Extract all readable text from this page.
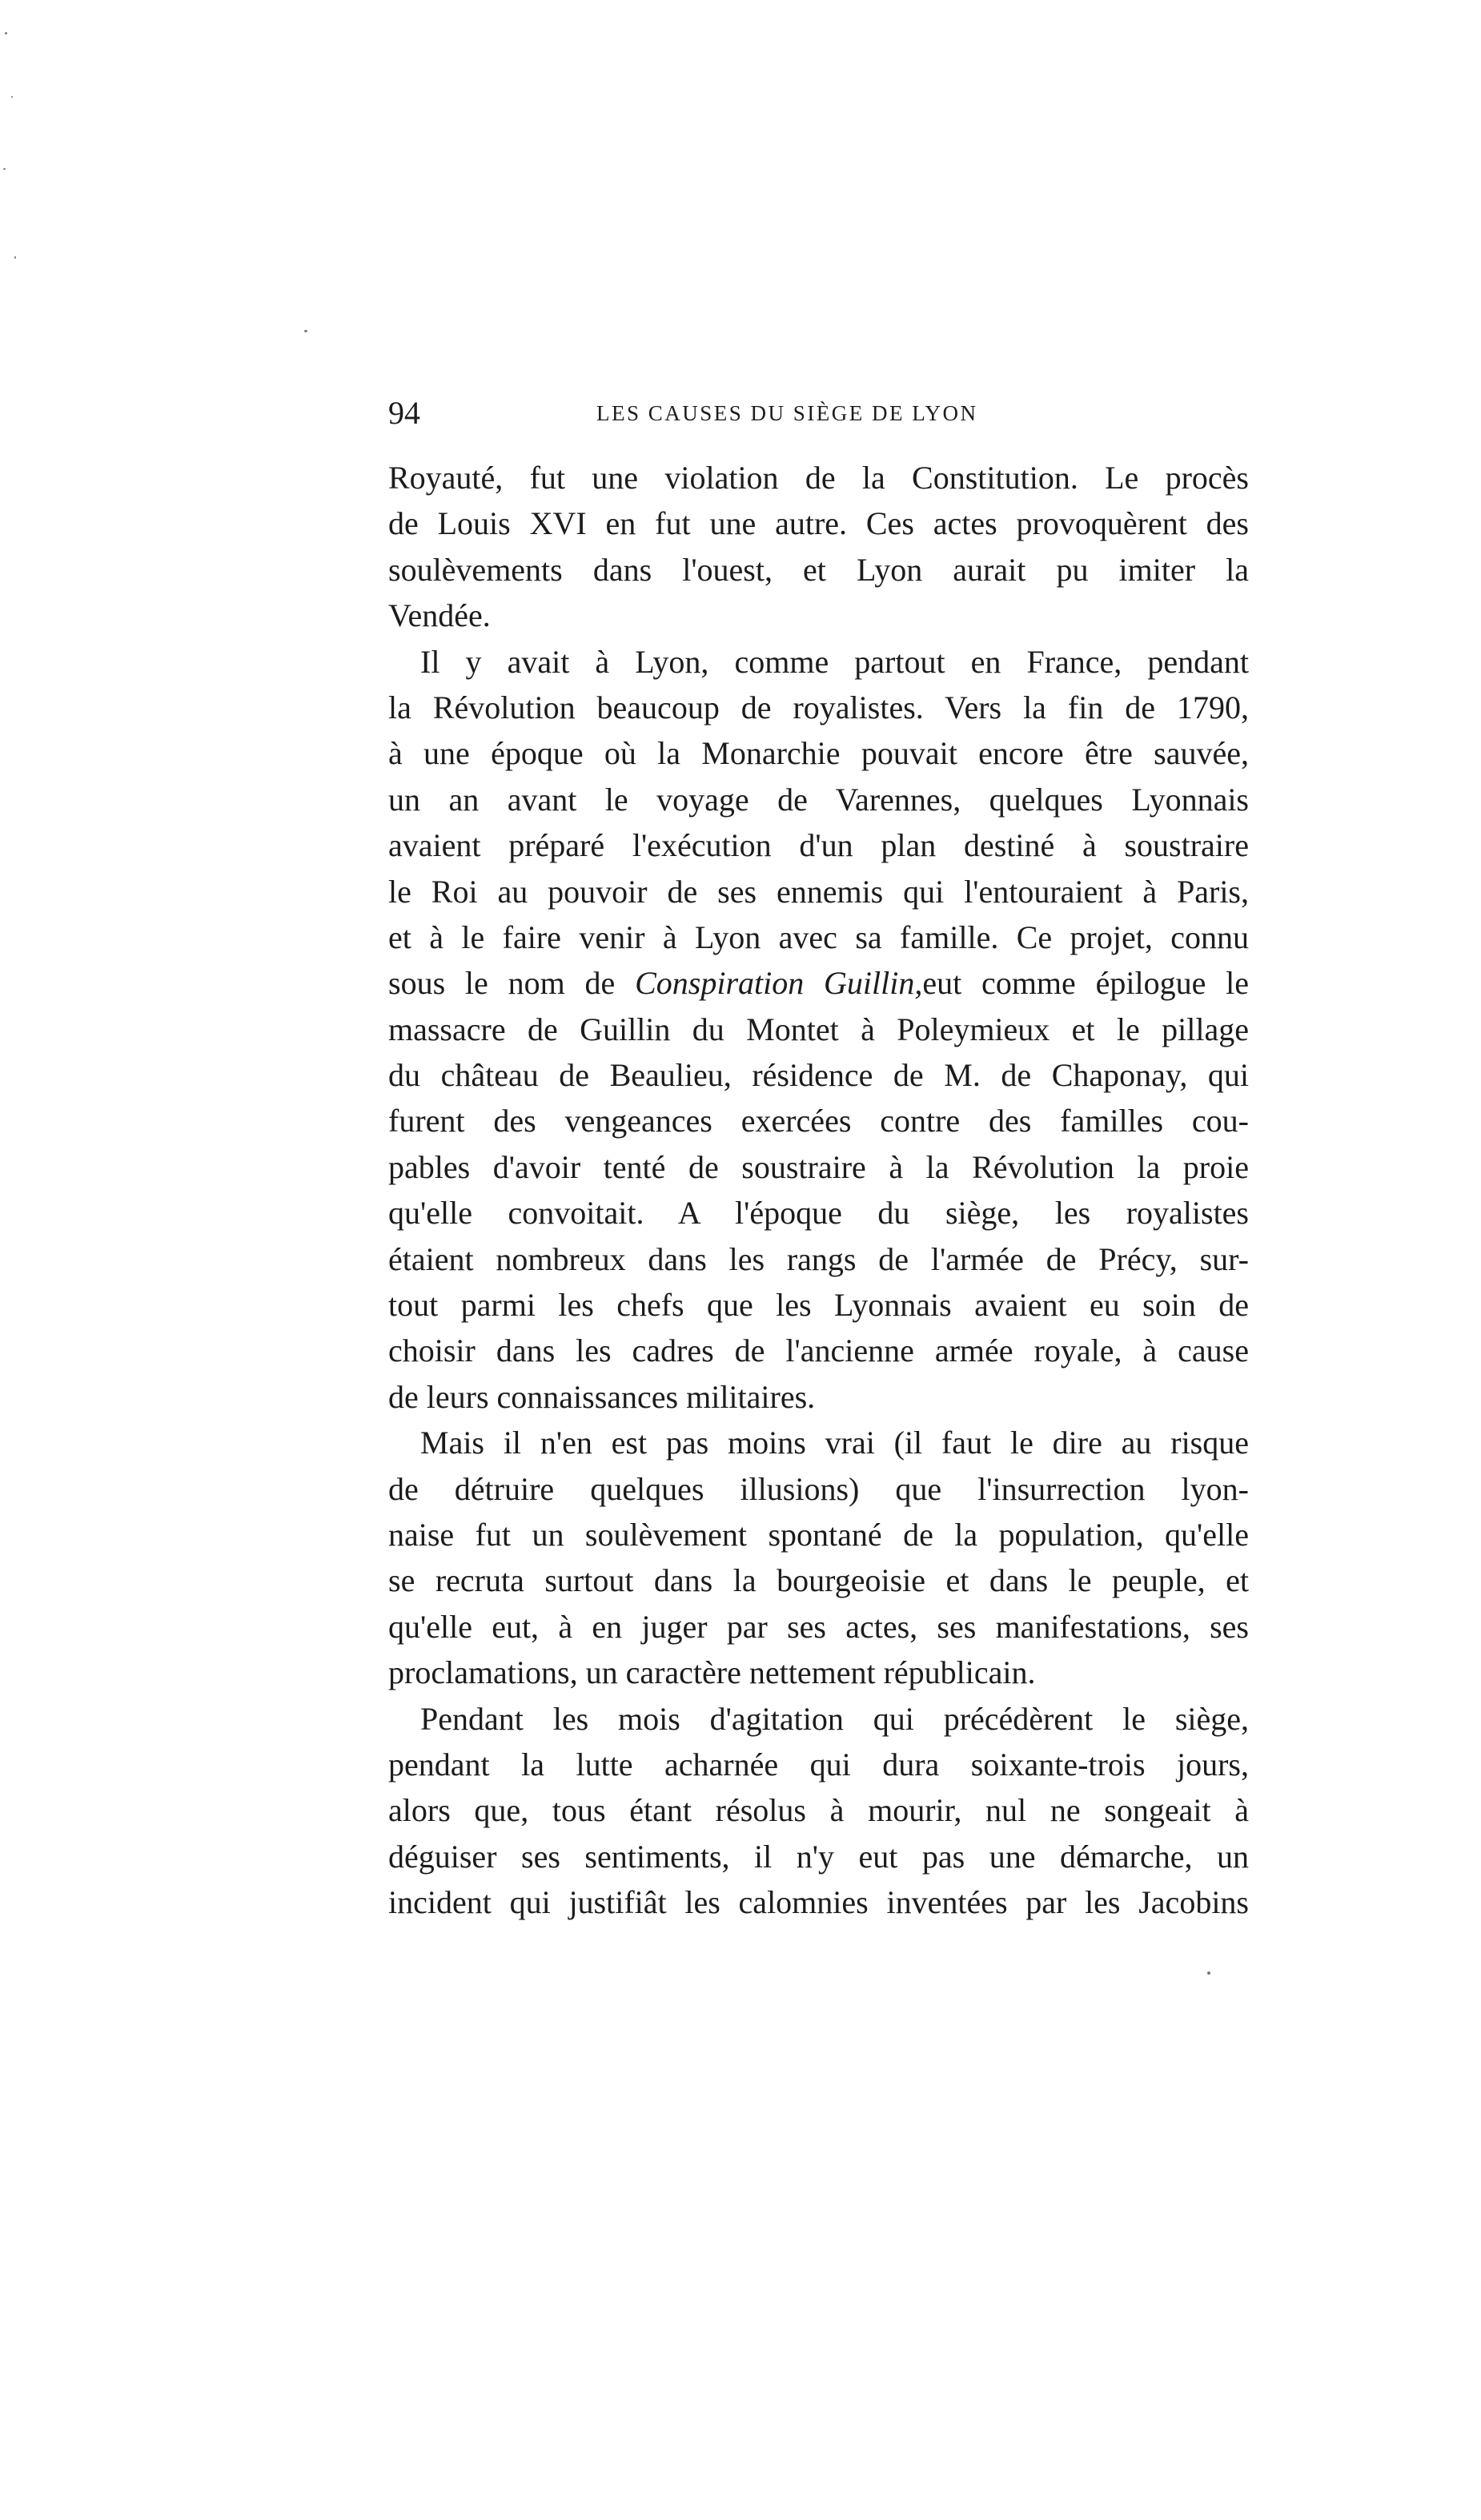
94	LES CAUSES DU SIÈGE DE LYON
Royauté, fut une violation de la Constitution. Le procès
de Louis XVI en fut une autre. Ces actes provoquèrent des
soulèvements dans l'ouest, et Lyon aurait pu imiter la
Vendée.
Il y avait à Lyon, comme partout en France, pendant
la Révolution beaucoup de royalistes. Vers la fin de 1790,
à une époque où la Monarchie pouvait encore être sauvée,
un an avant le voyage de Varennes, quelques Lyonnais
avaient préparé l'exécution d'un plan destiné à soustraire
le Roi au pouvoir de ses ennemis qui l'entouraient à Paris,
et à le faire venir à Lyon avec sa famille. Ce projet, connu
sous le nom de Conspiration Guillin,eut comme épilogue le
massacre de Guillin du Montet à Poleymieux et le pillage
du château de Beaulieu, résidence de M. de Chaponay, qui
furent des vengeances exercées contre des familles cou-
pables d'avoir tenté de soustraire à la Révolution la proie
qu'elle convoitait. A l'époque du siège, les royalistes
étaient nombreux dans les rangs de l'armée de Précy, sur-
tout parmi les chefs que les Lyonnais avaient eu soin de
choisir dans les cadres de l'ancienne armée royale, à cause
de leurs connaissances militaires.
Mais il n'en est pas moins vrai (il faut le dire au risque
de détruire quelques illusions) que l'insurrection lyon-
naise fut un soulèvement spontané de la population, qu'elle
se recruta surtout dans la bourgeoisie et dans le peuple, et
qu'elle eut, à en juger par ses actes, ses manifestations, ses
proclamations, un caractère nettement républicain.
Pendant les mois d'agitation qui précédèrent le siège,
pendant la lutte acharnée qui dura soixante-trois jours,
alors que, tous étant résolus à mourir, nul ne songeait à
déguiser ses sentiments, il n'y eut pas une démarche, un
incident qui justifiât les calomnies inventées par les Jacobins
